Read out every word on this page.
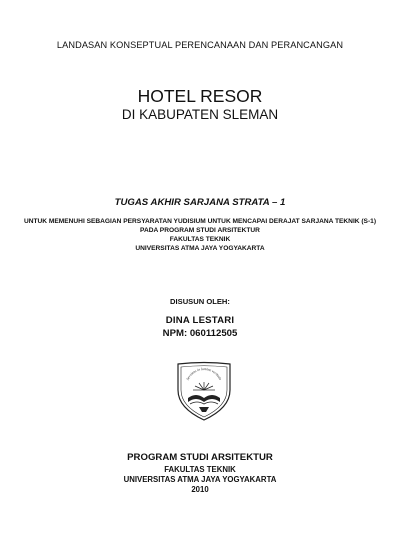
LANDASAN KONSEPTUAL PERENCANAAN DAN PERANCANGAN
HOTEL RESOR
DI KABUPATEN SLEMAN
TUGAS AKHIR SARJANA STRATA – 1
UNTUK MEMENUHI SEBAGIAN PERSYARATAN YUDISIUM UNTUK MENCAPAI DERAJAT SARJANA TEKNIK (S-1)
PADA PROGRAM STUDI ARSITEKTUR
FAKULTAS TEKNIK
UNIVERSITAS ATMA JAYA YOGYAKARTA
DISUSUN OLEH:
DINA LESTARI
NPM: 060112505
Serviens in lumine veritatis
PROGRAM STUDI ARSITEKTUR
FAKULTAS TEKNIK
UNIVERSITAS ATMA JAYA YOGYAKARTA
2010
